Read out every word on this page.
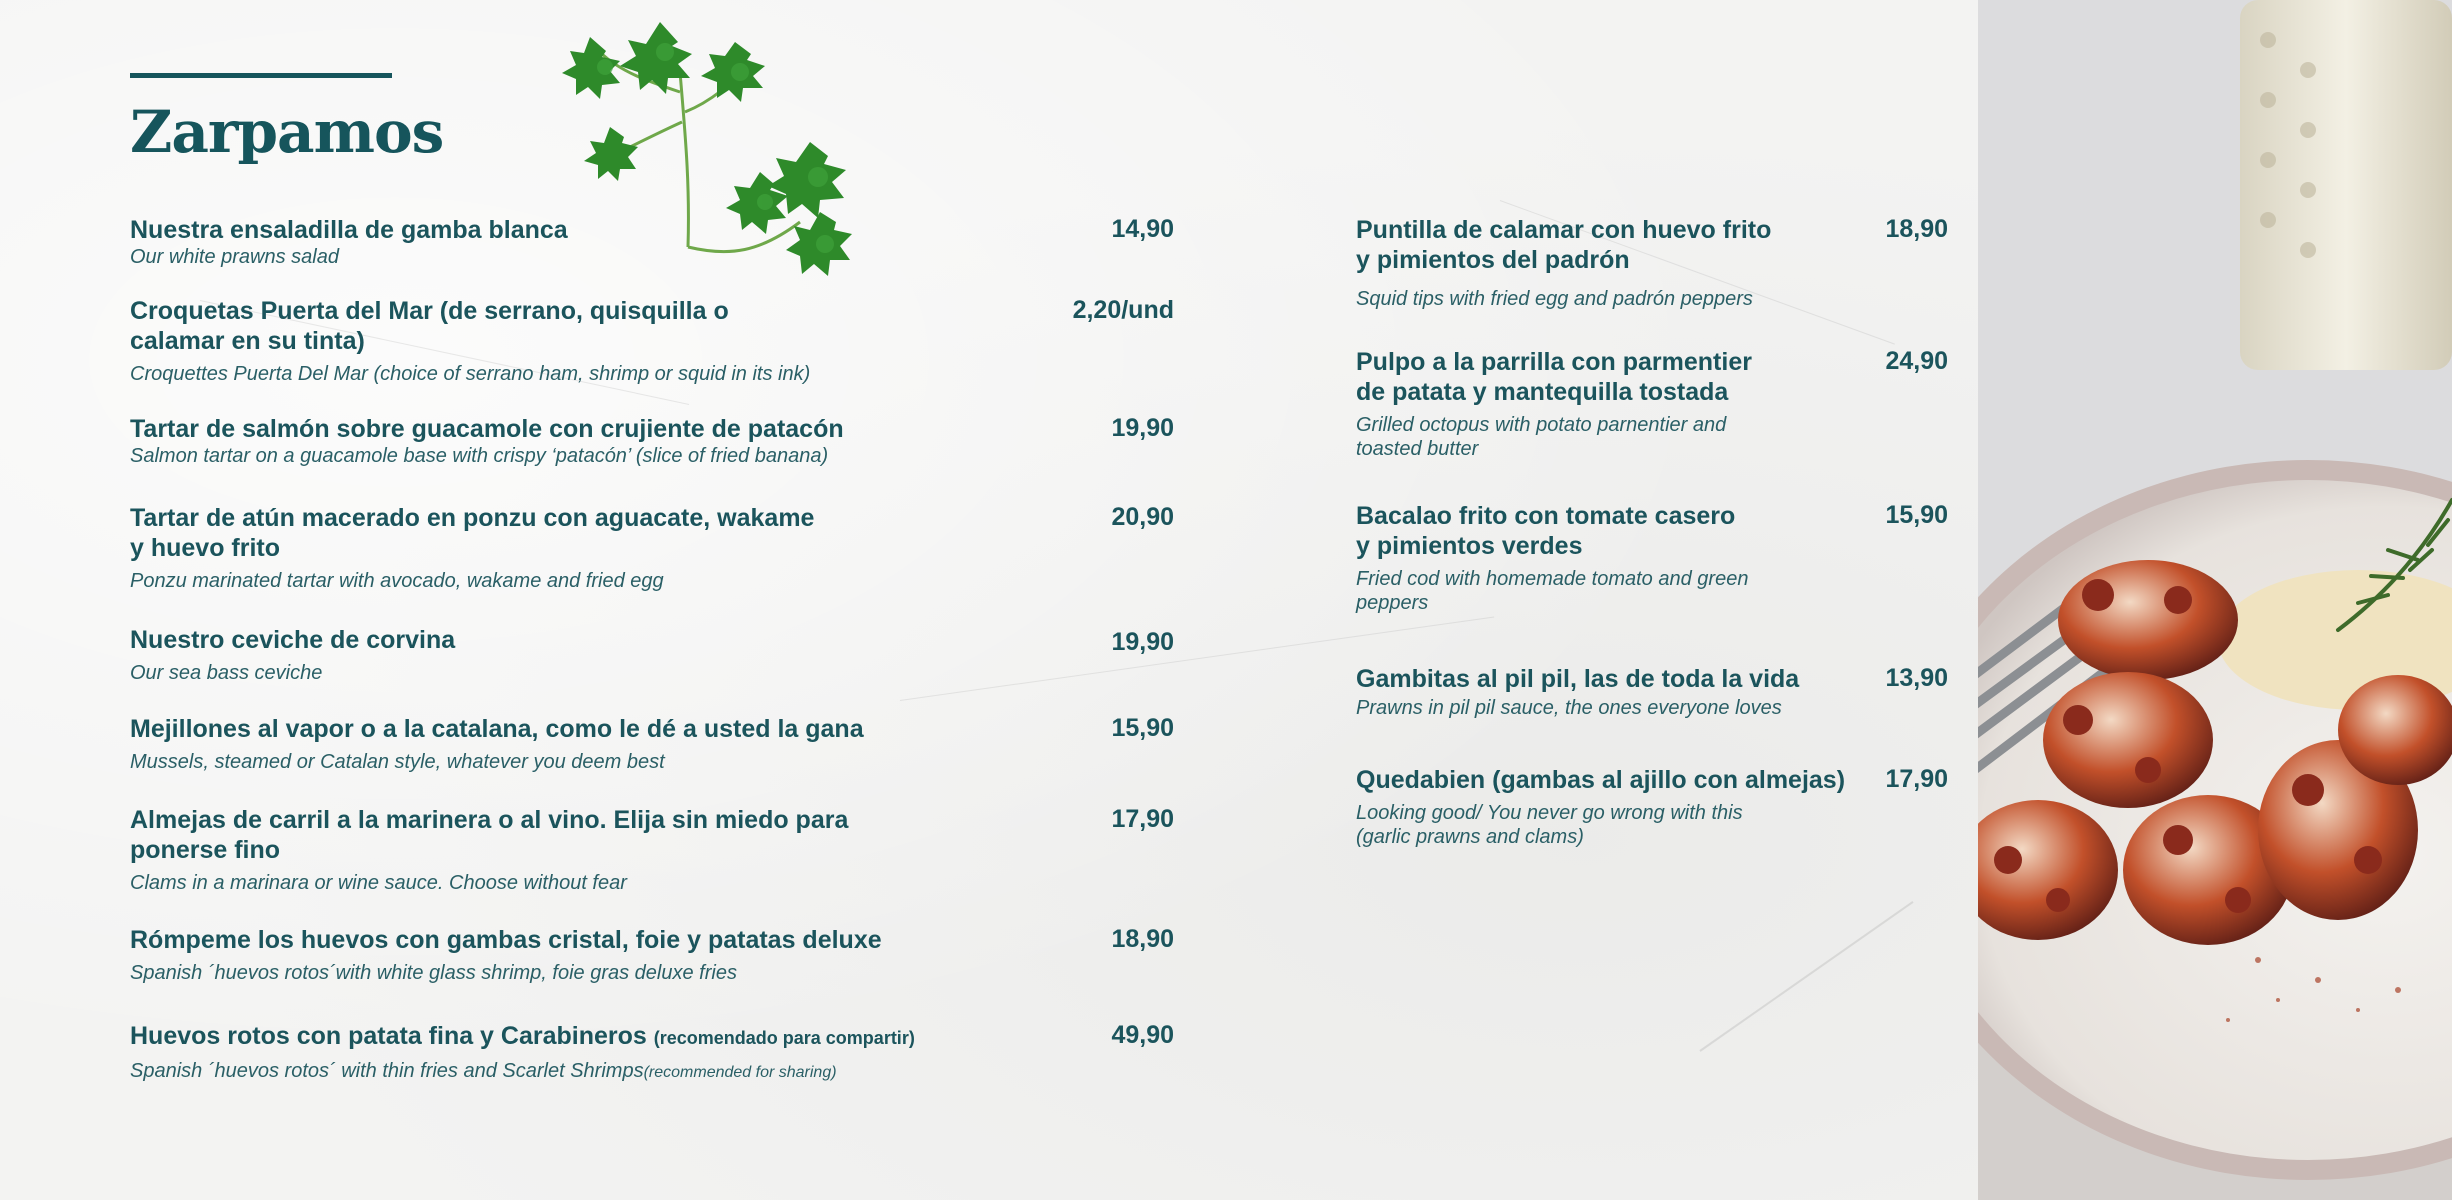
Zarpamos

Nuestra ensaladilla de gamba blanca

Our white prawns salad

14,90

Croquetas Puerta del Mar (de serrano, quisquilla o

calamar en su tinta)

Croquettes Puerta Del Mar (choice of serrano ham, shrimp or squid in its ink)

2,20/und

Tartar de salmón sobre guacamole con crujiente de patacón

Salmon tartar on a guacamole base with crispy ‘patacón’ (slice of fried banana)

19,90

Tartar de atún macerado en ponzu con aguacate, wakame

y huevo frito

Ponzu marinated tartar with avocado, wakame and fried egg

20,90

Nuestro ceviche de corvina

Our sea bass ceviche

19,90

Mejillones al vapor o a la catalana, como le dé a usted la gana

Mussels, steamed or Catalan style, whatever you deem best

15,90

Almejas de carril a la marinera o al vino. Elija sin miedo para

ponerse fino

Clams in a marinara or wine sauce. Choose without fear

17,90

Rómpeme los huevos con gambas cristal, foie y patatas deluxe

Spanish ´huevos rotos´with white glass shrimp, foie gras deluxe fries

18,90

Huevos rotos con patata fina y Carabineros (recomendado para compartir)

Spanish ´huevos rotos´ with thin fries and Scarlet Shrimps(recommended for sharing)

49,90

Puntilla de calamar con huevo frito

y pimientos del padrón

Squid tips with fried egg and padrón peppers

18,90

Pulpo a la parrilla con parmentier

de patata y mantequilla tostada

Grilled octopus with potato parnentier and

toasted butter

24,90

Bacalao frito con tomate casero

y pimientos verdes

Fried cod with homemade tomato and green

peppers

15,90

Gambitas al pil pil, las de toda la vida

Prawns in pil pil sauce, the ones everyone loves

13,90

Quedabien (gambas al ajillo con almejas)

Looking good/ You never go wrong with this

(garlic prawns and clams)

17,90
